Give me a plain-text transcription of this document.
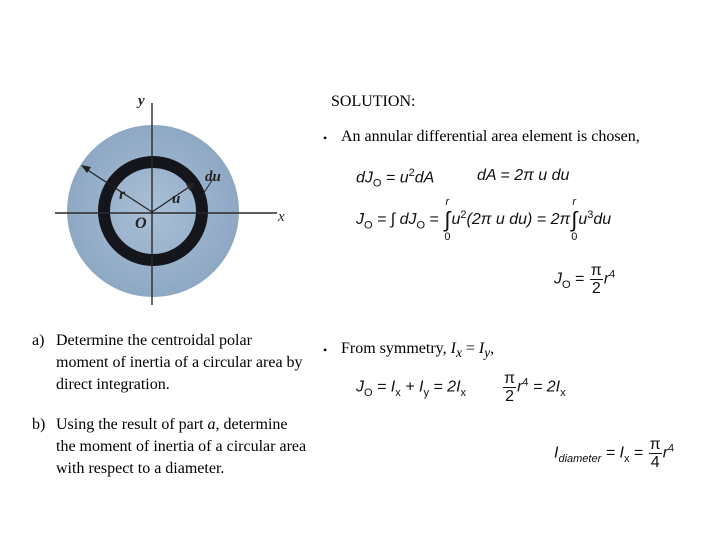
y
x
r
du
u
O
a) Determine the centroidal polar moment of inertia of a circular area by direct integration.
b) Using the result of part a, determine the moment of inertia of a circular area with respect to a diameter.
SOLUTION:
• An annular differential area element is chosen,
$dJ_O = u^2dA$	dA = 2π u du
$J_O$ = ∫ $dJ_O$ =
r
∫
0
$u^2(2\pi$ u du) = 2π
r
∫
0
$u^3du$
$J_O = \frac{\pi}{2} r^4$
• From symmetry, $I_x = I_y$,
$J_O = I_x + I_y = 2I_x \frac{\pi}{2} r^4 = 2I_x$
$I_{diameter} = I_x = \frac{\pi}{4} r^4$
